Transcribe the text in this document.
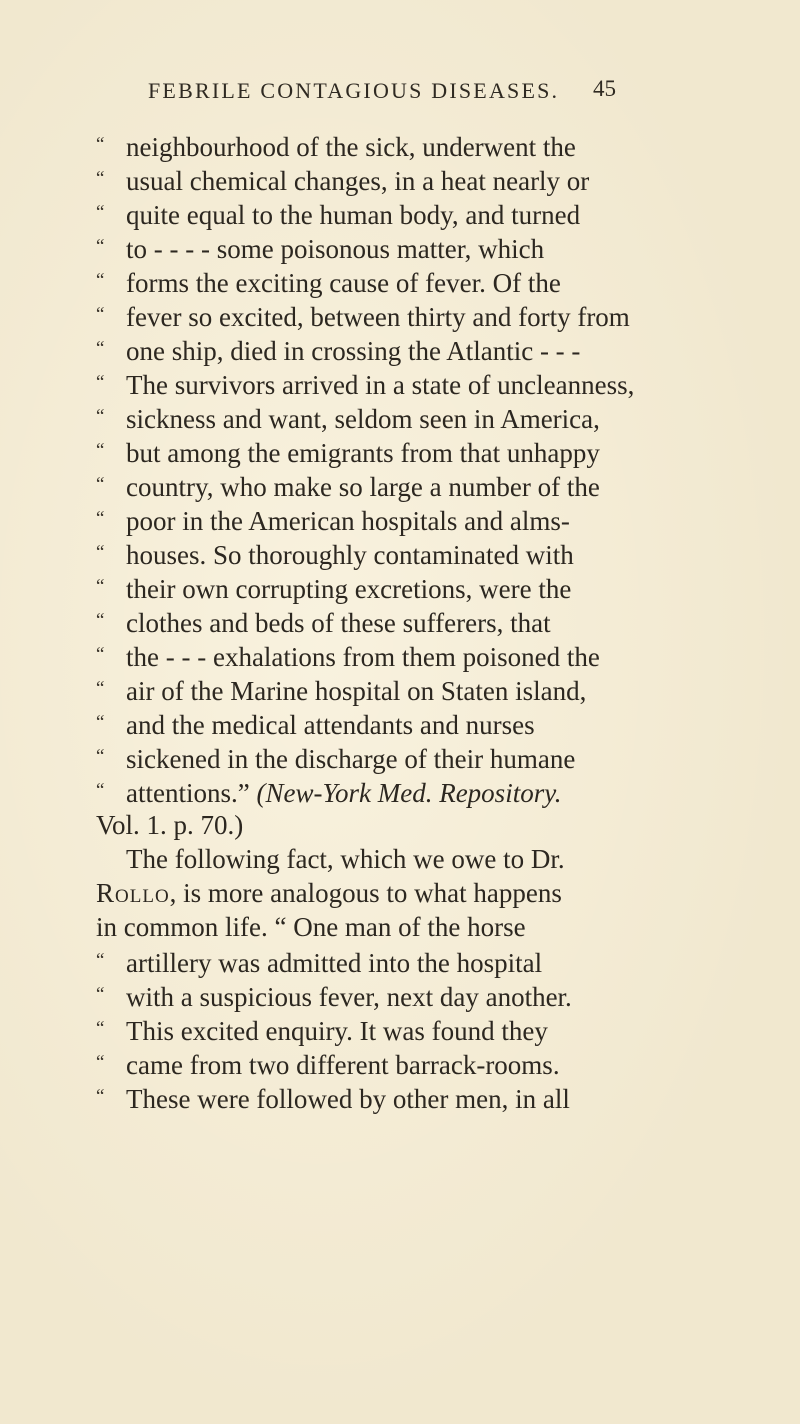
FEBRILE CONTAGIOUS DISEASES. 45
“ neighbourhood of the sick, underwent the
“ usual chemical changes, in a heat nearly or
“ quite equal to the human body, and turned
“ to - - - - some poisonous matter, which
“ forms the exciting cause of fever. Of the
“ fever so excited, between thirty and forty from
“ one ship, died in crossing the Atlantic - - -
“ The survivors arrived in a state of uncleanness,
“ sickness and want, seldom seen in America,
“ but among the emigrants from that unhappy
“ country, who make so large a number of the
“ poor in the American hospitals and alms-
“ houses. So thoroughly contaminated with
“ their own corrupting excretions, were the
“ clothes and beds of these sufferers, that
“ the - - - exhalations from them poisoned the
“ air of the Marine hospital on Staten island,
“ and the medical attendants and nurses
“ sickened in the discharge of their humane
“ attentions.” (New-York Med. Repository.
Vol. 1. p. 70.)
The following fact, which we owe to Dr.
Rollo, is more analogous to what happens
in common life. “ One man of the horse
“ artillery was admitted into the hospital
“ with a suspicious fever, next day another.
“ This excited enquiry. It was found they
“ came from two different barrack-rooms.
“ These were followed by other men, in all
